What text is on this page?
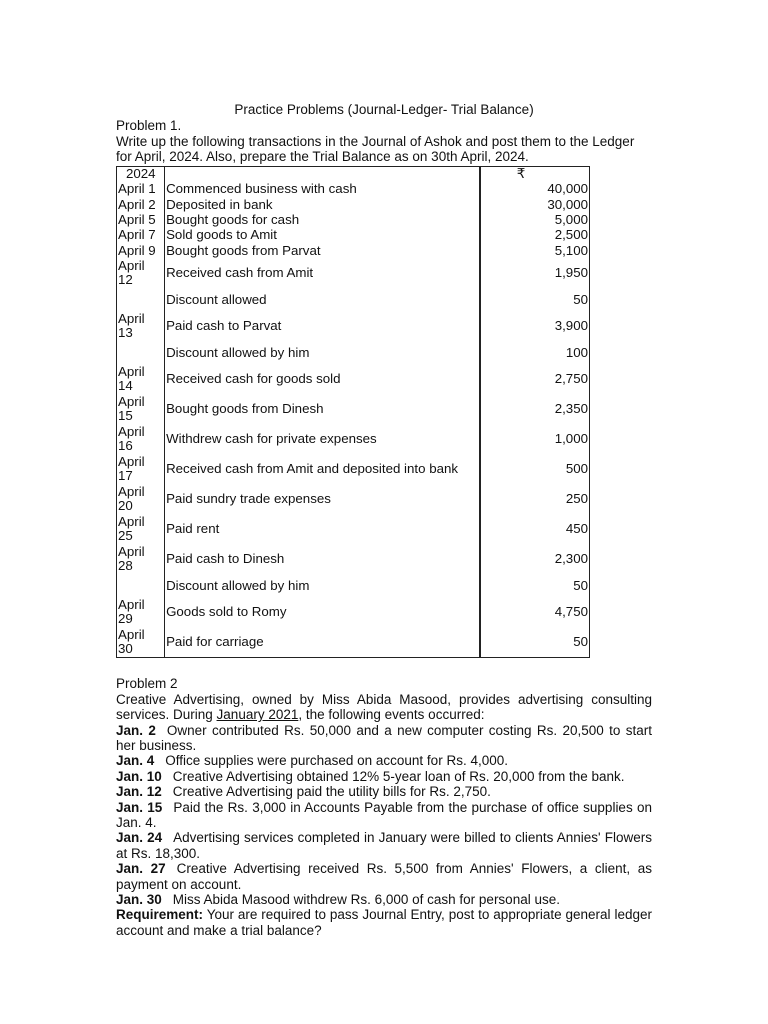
Practice Problems (Journal-Ledger- Trial Balance)
Problem 1.
Write up the following transactions in the Journal of Ashok and post them to the Ledger for April, 2024. Also, prepare the Trial Balance as on 30th April, 2024.
2024		₹
April 1	Commenced business with cash	40,000
April 2	Deposited in bank	30,000
April 5	Bought goods for cash	5,000
April 7	Sold goods to Amit	2,500
April 9	Bought goods from Parvat	5,100
April 12	Received cash from Amit	1,950
	Discount allowed	50
April 13	Paid cash to Parvat	3,900
	Discount allowed by him	100
April 14	Received cash for goods sold	2,750
April 15	Bought goods from Dinesh	2,350
April 16	Withdrew cash for private expenses	1,000
April 17	Received cash from Amit and deposited into bank	500
April 20	Paid sundry trade expenses	250
April 25	Paid rent	450
April 28	Paid cash to Dinesh	2,300
	Discount allowed by him	50
April 29	Goods sold to Romy	4,750
April 30	Paid for carriage	50
Problem 2
Creative Advertising, owned by Miss Abida Masood, provides advertising consulting services. During January 2021, the following events occurred:
Jan. 2 Owner contributed Rs. 50,000 and a new computer costing Rs. 20,500 to start her business.
Jan. 4 Office supplies were purchased on account for Rs. 4,000.
Jan. 10 Creative Advertising obtained 12% 5-year loan of Rs. 20,000 from the bank.
Jan. 12 Creative Advertising paid the utility bills for Rs. 2,750.
Jan. 15 Paid the Rs. 3,000 in Accounts Payable from the purchase of office supplies on Jan. 4.
Jan. 24 Advertising services completed in January were billed to clients Annies' Flowers at Rs. 18,300.
Jan. 27 Creative Advertising received Rs. 5,500 from Annies' Flowers, a client, as payment on account.
Jan. 30 Miss Abida Masood withdrew Rs. 6,000 of cash for personal use.
Requirement: Your are required to pass Journal Entry, post to appropriate general ledger account and make a trial balance?
